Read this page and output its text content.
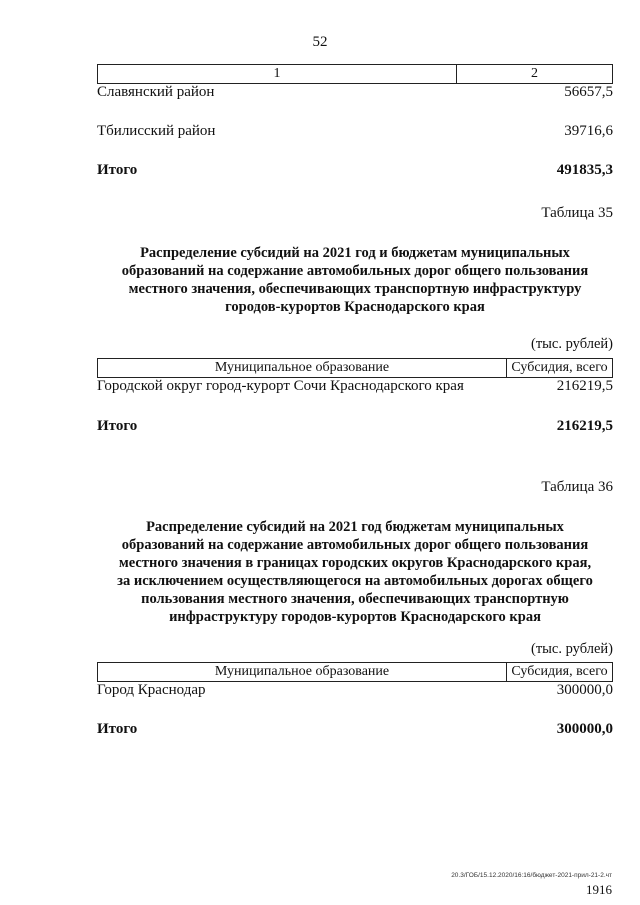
52
1	2
Славянский район	56657,5
Тбилисский район	39716,6
Итого	491835,3
Таблица 35
Распределение субсидий на 2021 год и бюджетам муниципальных
образований на содержание автомобильных дорог общего пользования
местного значения, обеспечивающих транспортную инфраструктуру
городов-курортов Краснодарского края
(тыс. рублей)
Муниципальное образование	Субсидия, всего
Городской округ город-курорт Сочи Краснодарского края	216219,5
Итого	216219,5
Таблица 36
Распределение субсидий на 2021 год бюджетам муниципальных
образований на содержание автомобильных дорог общего пользования
местного значения в границах городских округов Краснодарского края,
за исключением осуществляющегося на автомобильных дорогах общего
пользования местного значения, обеспечивающих транспортную
инфраструктуру городов-курортов Краснодарского края
(тыс. рублей)
Муниципальное образование	Субсидия, всего
Город Краснодар	300000,0
Итого	300000,0
20.3/ГОБ/15.12.2020/16:16/бюджет-2021-прил-21-2.чт
1916
